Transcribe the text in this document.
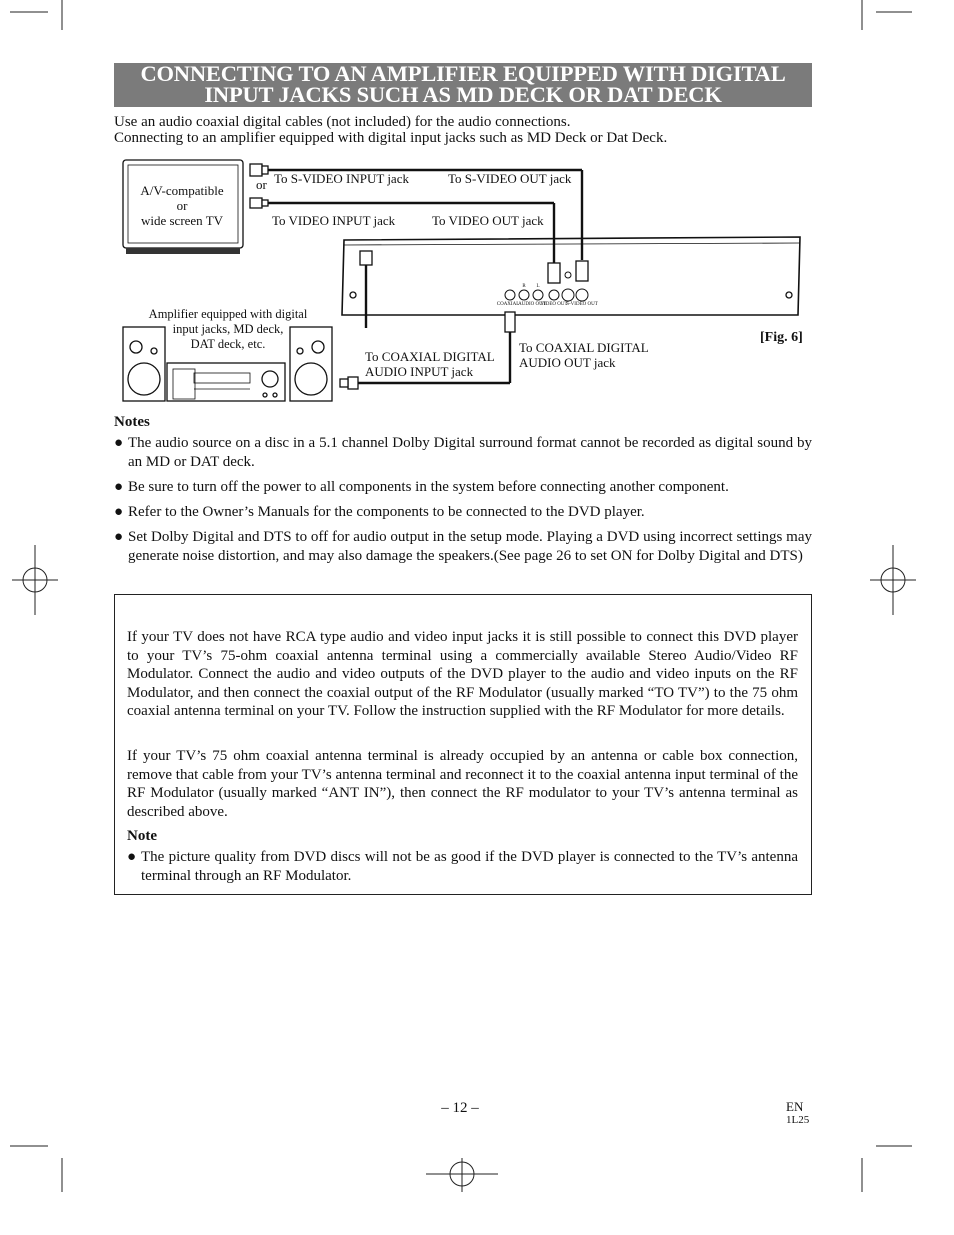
CONNECTING TO AN AMPLIFIER EQUIPPED WITH DIGITAL
INPUT JACKS SUCH AS MD DECK OR DAT DECK
Use an audio coaxial digital cables (not included) for the audio connections.
Connecting to an amplifier equipped with digital input jacks such as MD Deck or Dat Deck.
R L
COAXIAL
AUDIO OUT
VIDEO OUT
S-VIDEO OUT
A/V-compatible
or
wide screen TV
or To S-VIDEO INPUT jack	To S-VIDEO OUT jack
To VIDEO INPUT jack	To VIDEO OUT jack
Amplifier equipped with digital
input jacks, MD deck,
DAT deck, etc.
To COAXIAL DIGITAL
AUDIO INPUT jack
To COAXIAL DIGITAL
AUDIO OUT jack
[Fig. 6]
Notes
● The audio source on a disc in a 5.1 channel Dolby Digital surround format cannot be recorded as digital sound by an MD or DAT deck.
● Be sure to turn off the power to all components in the system before connecting another component.
● Refer to the Owner’s Manuals for the components to be connected to the DVD player.
● Set Dolby Digital and DTS to off for audio output in the setup mode. Playing a DVD using incorrect settings may generate noise distortion, and may also damage the speakers.(See page 26 to set ON for Dolby Digital and DTS)
If your TV does not have RCA type audio and video input jacks it is still possible to connect this DVD player to your TV’s 75-ohm coaxial antenna terminal using a commercially available Stereo Audio/Video RF Modulator. Connect the audio and video outputs of the DVD player to the audio and video inputs on the RF Modulator, and then connect the coaxial output of the RF Modulator (usually marked “TO TV”) to the 75 ohm coaxial antenna terminal on your TV. Follow the instruction supplied with the RF Modulator for more details.
If your TV’s 75 ohm coaxial antenna terminal is already occupied by an antenna or cable box connection, remove that cable from your TV’s antenna terminal and reconnect it to the coaxial antenna input terminal of the RF Modulator (usually marked “ANT IN”), then connect the RF modulator to your TV’s antenna terminal as described above.
Note
● The picture quality from DVD discs will not be as good if the DVD player is connected to the TV’s antenna terminal through an RF Modulator.
– 12 –	EN
1L25
